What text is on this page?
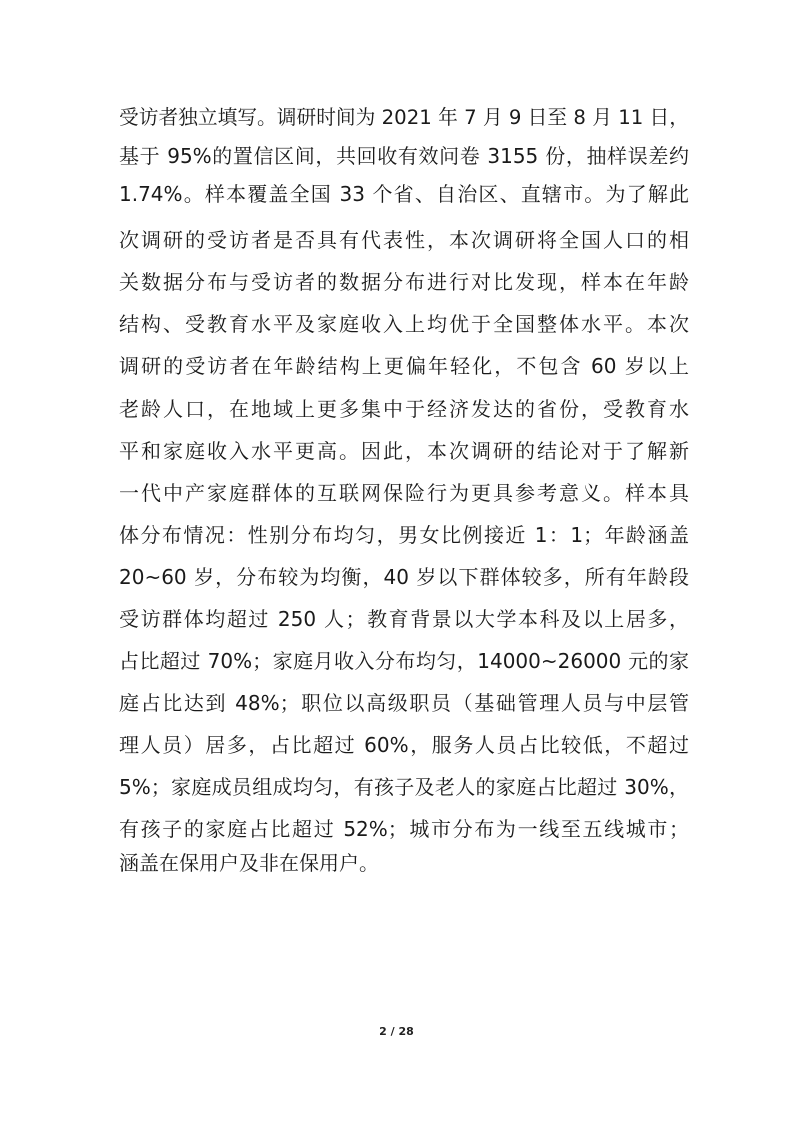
受访者独立填写。调研时间为 2021 年 7 月 9 日至 8 月 11 日，
基于 95%的置信区间，共回收有效问卷 3155 份，抽样误差约
1.74%。样本覆盖全国 33 个省、自治区、直辖市。为了解此
次调研的受访者是否具有代表性，本次调研将全国人口的相
关数据分布与受访者的数据分布进行对比发现，样本在年龄
结构、受教育水平及家庭收入上均优于全国整体水平。本次
调研的受访者在年龄结构上更偏年轻化，不包含 60 岁以上
老龄人口，在地域上更多集中于经济发达的省份，受教育水
平和家庭收入水平更高。因此，本次调研的结论对于了解新
一代中产家庭群体的互联网保险行为更具参考意义。样本具
体分布情况：性别分布均匀，男女比例接近 1：1；年龄涵盖
20~60 岁，分布较为均衡，40 岁以下群体较多，所有年龄段
受访群体均超过 250 人；教育背景以大学本科及以上居多，
占比超过 70%；家庭月收入分布均匀，14000~26000 元的家
庭占比达到 48%；职位以高级职员（基础管理人员与中层管
理人员）居多，占比超过 60%，服务人员占比较低，不超过
5%；家庭成员组成均匀，有孩子及老人的家庭占比超过 30%，
有孩子的家庭占比超过 52%；城市分布为一线至五线城市；
涵盖在保用户及非在保用户。
2 / 28
